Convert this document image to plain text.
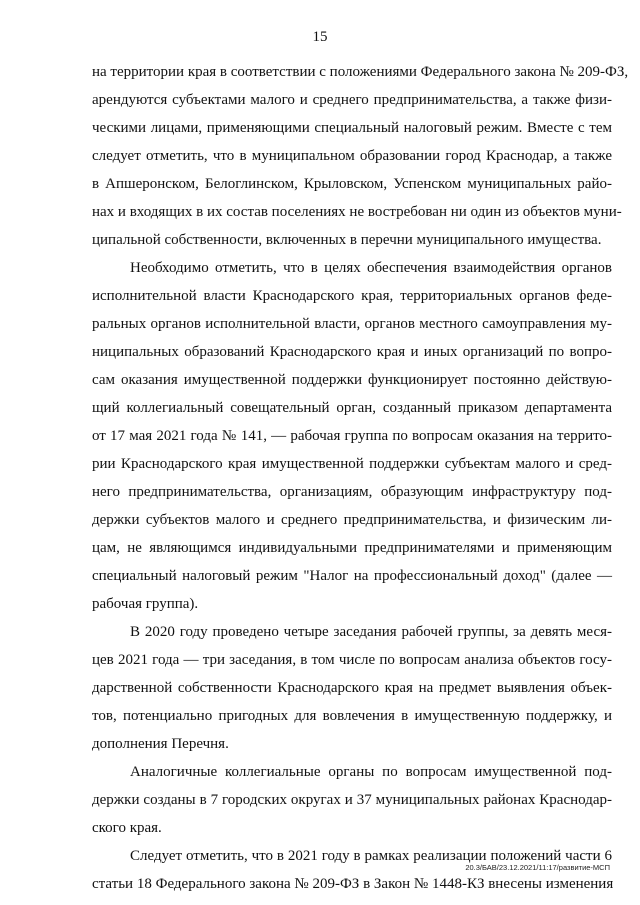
15
на территории края в соответствии с положениями Федерального закона № 209-ФЗ,
арендуются субъектами малого и среднего предпринимательства, а также физи-
ческими лицами, применяющими специальный налоговый режим. Вместе с тем
следует отметить, что в муниципальном образовании город Краснодар, а также
в Апшеронском, Белоглинском, Крыловском, Успенском муниципальных райо-
нах и входящих в их состав поселениях не востребован ни один из объектов муни-
ципальной собственности, включенных в перечни муниципального имущества.
Необходимо отметить, что в целях обеспечения взаимодействия органов
исполнительной власти Краснодарского края, территориальных органов феде-
ральных органов исполнительной власти, органов местного самоуправления му-
ниципальных образований Краснодарского края и иных организаций по вопро-
сам оказания имущественной поддержки функционирует постоянно действую-
щий коллегиальный совещательный орган, созданный приказом департамента
от 17 мая 2021 года № 141, — рабочая группа по вопросам оказания на террито-
рии Краснодарского края имущественной поддержки субъектам малого и сред-
него предпринимательства, организациям, образующим инфраструктуру под-
держки субъектов малого и среднего предпринимательства, и физическим ли-
цам, не являющимся индивидуальными предпринимателями и применяющим
специальный налоговый режим "Налог на профессиональный доход" (далее —
рабочая группа).
В 2020 году проведено четыре заседания рабочей группы, за девять меся-
цев 2021 года — три заседания, в том числе по вопросам анализа объектов госу-
дарственной собственности Краснодарского края на предмет выявления объек-
тов, потенциально пригодных для вовлечения в имущественную поддержку, и
дополнения Перечня.
Аналогичные коллегиальные органы по вопросам имущественной под-
держки созданы в 7 городских округах и 37 муниципальных районах Краснодар-
ского края.
Следует отметить, что в 2021 году в рамках реализации положений части 6
статьи 18 Федерального закона № 209-ФЗ в Закон № 1448-КЗ внесены изменения
20.3/БАВ/23.12.2021/11:17/развитие-МСП
